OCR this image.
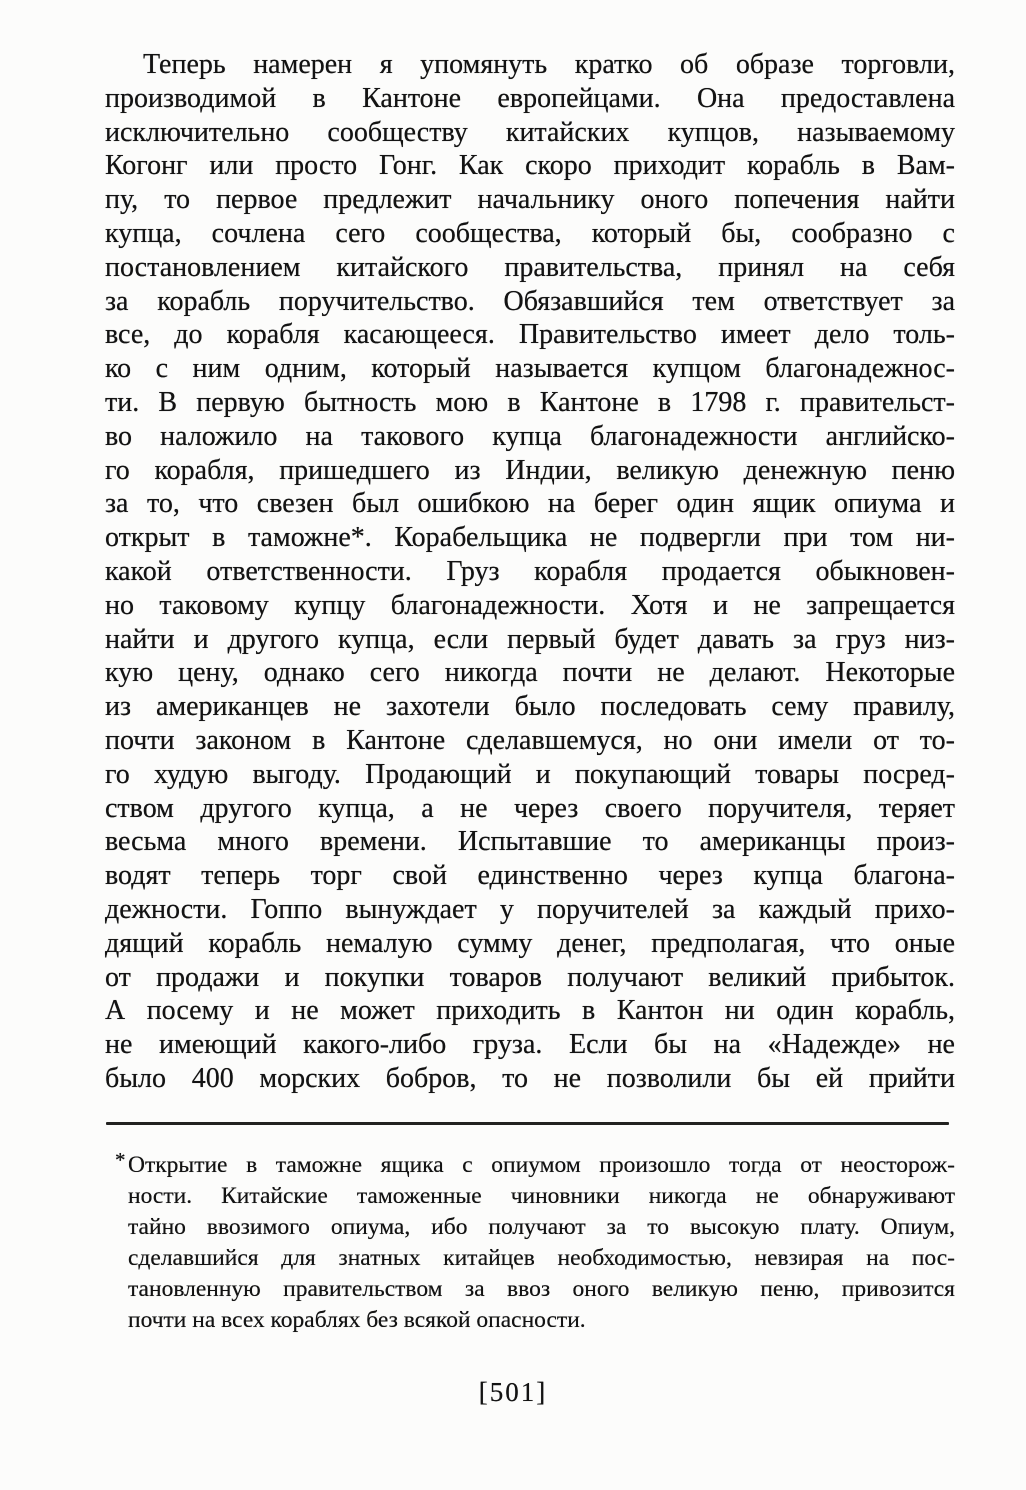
Теперь намерен я упомянуть кратко об образе торговли,
производимой в Кантоне европейцами. Она предоставлена
исключительно сообществу китайских купцов, называемому
Когонг или просто Гонг. Как скоро приходит корабль в Вам-
пу, то первое предлежит начальнику оного попечения найти
купца, сочлена сего сообщества, который бы, сообразно с
постановлением китайского правительства, принял на себя
за корабль поручительство. Обязавшийся тем ответствует за
все, до корабля касающееся. Правительство имеет дело толь-
ко с ним одним, который называется купцом благонадежнос-
ти. В первую бытность мою в Кантоне в 1798 г. правительст-
во наложило на такового купца благонадежности английско-
го корабля, пришедшего из Индии, великую денежную пеню
за то, что свезен был ошибкою на берег один ящик опиума и
открыт в таможне*. Корабельщика не подвергли при том ни-
какой ответственности. Груз корабля продается обыкновен-
но таковому купцу благонадежности. Хотя и не запрещается
найти и другого купца, если первый будет давать за груз низ-
кую цену, однако сего никогда почти не делают. Некоторые
из американцев не захотели было последовать сему правилу,
почти законом в Кантоне сделавшемуся, но они имели от то-
го худую выгоду. Продающий и покупающий товары посред-
ством другого купца, а не через своего поручителя, теряет
весьма много времени. Испытавшие то американцы произ-
водят теперь торг свой единственно через купца благона-
дежности. Гоппо вынуждает у поручителей за каждый прихо-
дящий корабль немалую сумму денег, предполагая, что оные
от продажи и покупки товаров получают великий прибыток.
А посему и не может приходить в Кантон ни один корабль,
не имеющий какого-либо груза. Если бы на «Надежде» не
было 400 морских бобров, то не позволили бы ей прийти
* Открытие в таможне ящика с опиумом произошло тогда от неосторож-
ности. Китайские таможенные чиновники никогда не обнаруживают
тайно ввозимого опиума, ибо получают за то высокую плату. Опиум,
сделавшийся для знатных китайцев необходимостью, невзирая на пос-
тановленную правительством за ввоз оного великую пеню, привозится
почти на всех кораблях без всякой опасности.
[501]
